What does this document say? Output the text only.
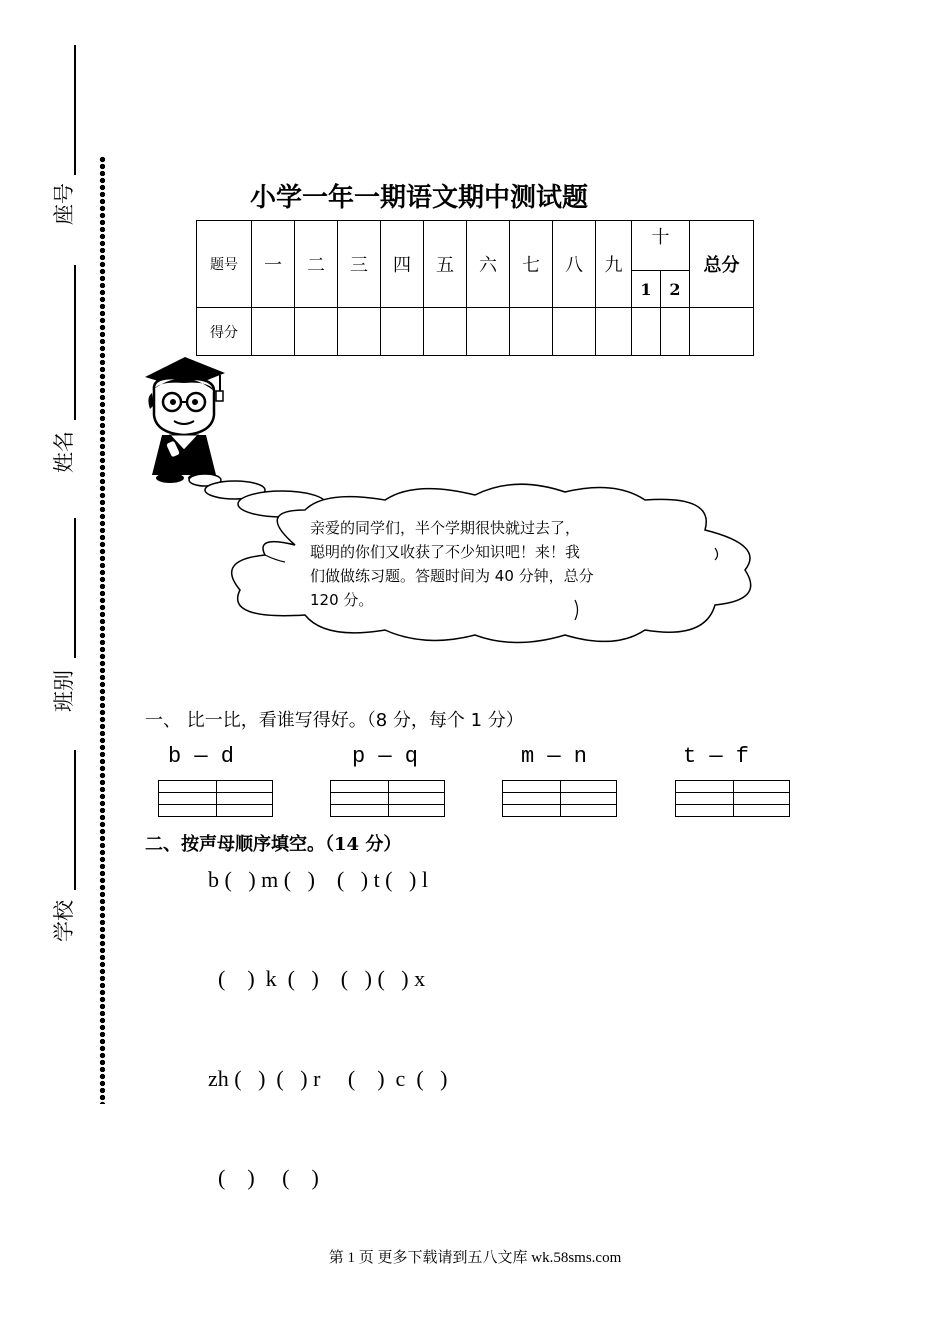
座号
姓名
班别
学校
小学一年一期语文期中测试题
题号	一	二	三	四	五	六	七	八	九	十		总分
										1	2	
得分												
亲爱的同学们，半个学期很快就过去了，
聪明的你们又收获了不少知识吧！来！我
们做做练习题。答题时间为 40 分钟，总分
120 分。
一、 比一比，看谁写得好。（8 分，每个 1 分）
b — d	p — q	m — n	t — f
二、按声母顺序填空。（14 分）
b (   ) m (   )    (   ) t (   ) l
(    )  k  (   )    (   ) (   ) x
zh (   )  (   ) r     (    )  c  (   )
(    )     (    )
第 1 页 更多下载请到五八文库 wk.58sms.com
